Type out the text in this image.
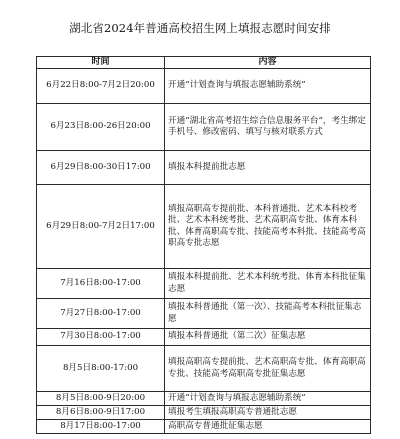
湖北省2024年普通高校招生网上填报志愿时间安排
时间	内容
6月22日8:00-7月2日20:00	开通“计划查询与填报志愿辅助系统”
6月23日8:00-26日20:00	开通“湖北省高考招生综合信息服务平台”，考生绑定手机号、修改密码、填写与核对联系方式
6月29日8:00-30日17:00	填报本科提前批志愿
6月29日8:00-7月2日17:00	填报高职高专提前批、本科普通批、艺术本科校考批、艺术本科统考批、艺术高职高专批、体育本科批、体育高职高专批、技能高考本科批、技能高考高职高专批志愿
7月16日8:00-17:00	填报本科提前批、艺术本科统考批、体育本科批征集志愿
7月27日8:00-17:00	填报本科普通批（第一次）、技能高考本科批征集志愿
7月30日8:00-17:00	填报本科普通批（第二次）征集志愿
8月5日8:00-17:00	填报高职高专提前批、艺术高职高专批、体育高职高专批、技能高考高职高专批征集志愿
8月5日8:00-9日20:00	开通“计划查询与填报志愿辅助系统”
8月6日8:00-9日17:00	填报考生填报高职高专普通批志愿
8月17日8:00-17:00	高职高专普通批征集志愿
